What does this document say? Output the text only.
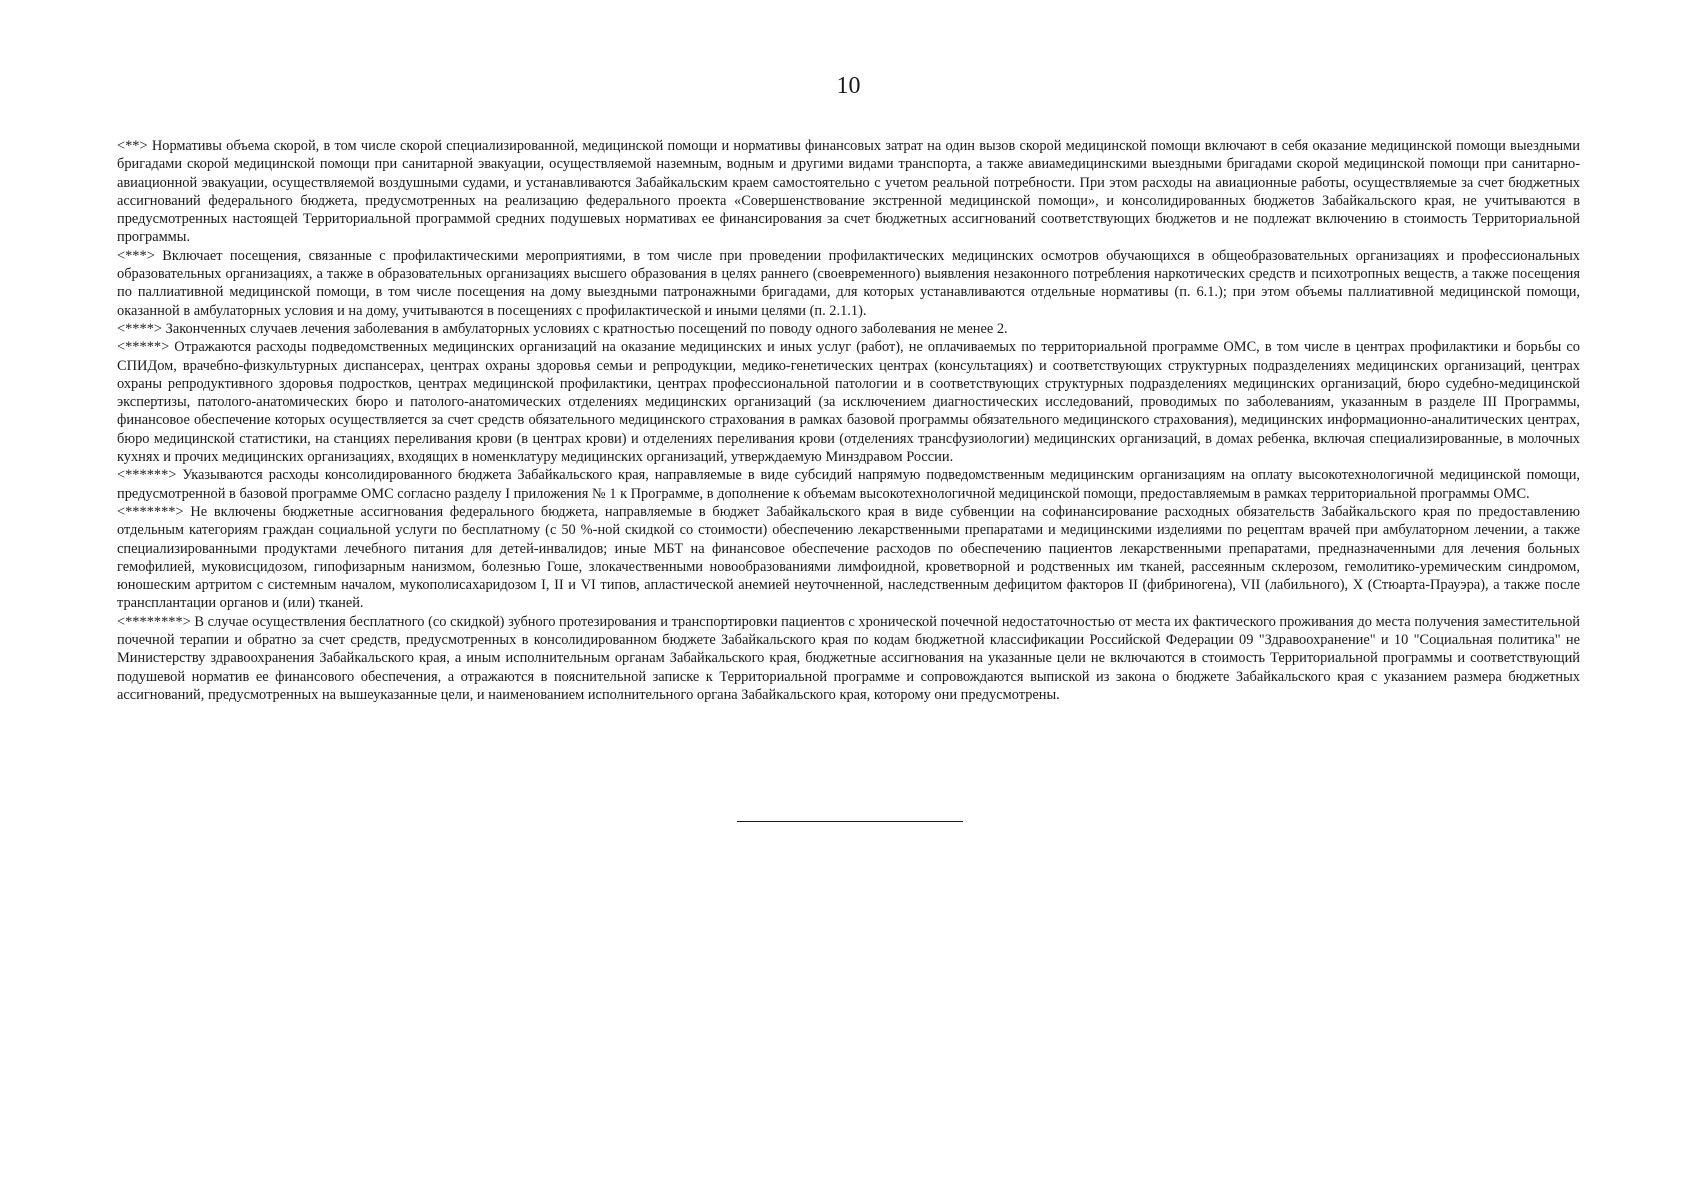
10

<**> Нормативы объема скорой, в том числе скорой специализированной, медицинской помощи и нормативы финансовых затрат на один вызов скорой медицинской помощи включают в себя оказание медицинской помощи выездными бригадами скорой медицинской помощи при санитарной эвакуации, осуществляемой наземным, водным и другими видами транспорта, а также авиамедицинскими выездными бригадами скорой медицинской помощи при санитарно-авиационной эвакуации, осуществляемой воздушными судами, и устанавливаются Забайкальским краем самостоятельно с учетом реальной потребности. При этом расходы на авиационные работы, осуществляемые за счет бюджетных ассигнований федерального бюджета, предусмотренных на реализацию федерального проекта «Совершенствование экстренной медицинской помощи», и консолидированных бюджетов Забайкальского края, не учитываются в предусмотренных настоящей Территориальной программой средних подушевых нормативах ее финансирования за счет бюджетных ассигнований соответствующих бюджетов и не подлежат включению в стоимость Территориальной программы.

<***> Включает посещения, связанные с профилактическими мероприятиями, в том числе при проведении профилактических медицинских осмотров обучающихся в общеобразовательных организациях и профессиональных образовательных организациях, а также в образовательных организациях высшего образования в целях раннего (своевременного) выявления незаконного потребления наркотических средств и психотропных веществ, а также посещения по паллиативной медицинской помощи, в том числе посещения на дому выездными патронажными бригадами, для которых устанавливаются отдельные нормативы (п. 6.1.); при этом объемы паллиативной медицинской помощи, оказанной в амбулаторных условия и на дому, учитываются в посещениях с профилактической и иными целями (п. 2.1.1).

<****> Законченных случаев лечения заболевания в амбулаторных условиях с кратностью посещений по поводу одного заболевания не менее 2.

<*****> Отражаются расходы подведомственных медицинских организаций на оказание медицинских и иных услуг (работ), не оплачиваемых по территориальной программе ОМС, в том числе в центрах профилактики и борьбы со СПИДом, врачебно-физкультурных диспансерах, центрах охраны здоровья семьи и репродукции, медико-генетических центрах (консультациях) и соответствующих структурных подразделениях медицинских организаций, центрах охраны репродуктивного здоровья подростков, центрах медицинской профилактики, центрах профессиональной патологии и в соответствующих структурных подразделениях медицинских организаций, бюро судебно-медицинской экспертизы, патолого-анатомических бюро и патолого-анатомических отделениях медицинских организаций (за исключением диагностических исследований, проводимых по заболеваниям, указанным в разделе III Программы, финансовое обеспечение которых осуществляется за счет средств обязательного медицинского страхования в рамках базовой программы обязательного медицинского страхования), медицинских информационно-аналитических центрах, бюро медицинской статистики, на станциях переливания крови (в центрах крови) и отделениях переливания крови (отделениях трансфузиологии) медицинских организаций, в домах ребенка, включая специализированные, в молочных кухнях и прочих медицинских организациях, входящих в номенклатуру медицинских организаций, утверждаемую Минздравом России.

<******> Указываются расходы консолидированного бюджета Забайкальского края, направляемые в виде субсидий напрямую подведомственным медицинским организациям на оплату высокотехнологичной медицинской помощи, предусмотренной в базовой программе ОМС согласно разделу I приложения № 1 к Программе, в дополнение к объемам высокотехнологичной медицинской помощи, предоставляемым в рамках территориальной программы ОМС.

<*******> Не включены бюджетные ассигнования федерального бюджета, направляемые в бюджет Забайкальского края в виде субвенции на софинансирование расходных обязательств Забайкальского края по предоставлению отдельным категориям граждан социальной услуги по бесплатному (с 50 %-ной скидкой со стоимости) обеспечению лекарственными препаратами и медицинскими изделиями по рецептам врачей при амбулаторном лечении, а также специализированными продуктами лечебного питания для детей-инвалидов; иные МБТ на финансовое обеспечение расходов по обеспечению пациентов лекарственными препаратами, предназначенными для лечения больных гемофилией, муковисцидозом, гипофизарным нанизмом, болезнью Гоше, злокачественными новообразованиями лимфоидной, кроветворной и родственных им тканей, рассеянным склерозом, гемолитико-уремическим синдромом, юношеским артритом с системным началом, мукополисахаридозом I, II и VI типов, апластической анемией неуточненной, наследственным дефицитом факторов II (фибриногена), VII (лабильного), X (Стюарта-Прауэра), а также после трансплантации органов и (или) тканей.

<********> В случае осуществления бесплатного (со скидкой) зубного протезирования и транспортировки пациентов с хронической почечной недостаточностью от места их фактического проживания до места получения заместительной почечной терапии и обратно за счет средств, предусмотренных в консолидированном бюджете Забайкальского края по кодам бюджетной классификации Российской Федерации 09 "Здравоохранение" и 10 "Социальная политика" не Министерству здравоохранения Забайкальского края, а иным исполнительным органам Забайкальского края, бюджетные ассигнования на указанные цели не включаются в стоимость Территориальной программы и соответствующий подушевой норматив ее финансового обеспечения, а отражаются в пояснительной записке к Территориальной программе и сопровождаются выпиской из закона о бюджете Забайкальского края с указанием размера бюджетных ассигнований, предусмотренных на вышеуказанные цели, и наименованием исполнительного органа Забайкальского края, которому они предусмотрены.
